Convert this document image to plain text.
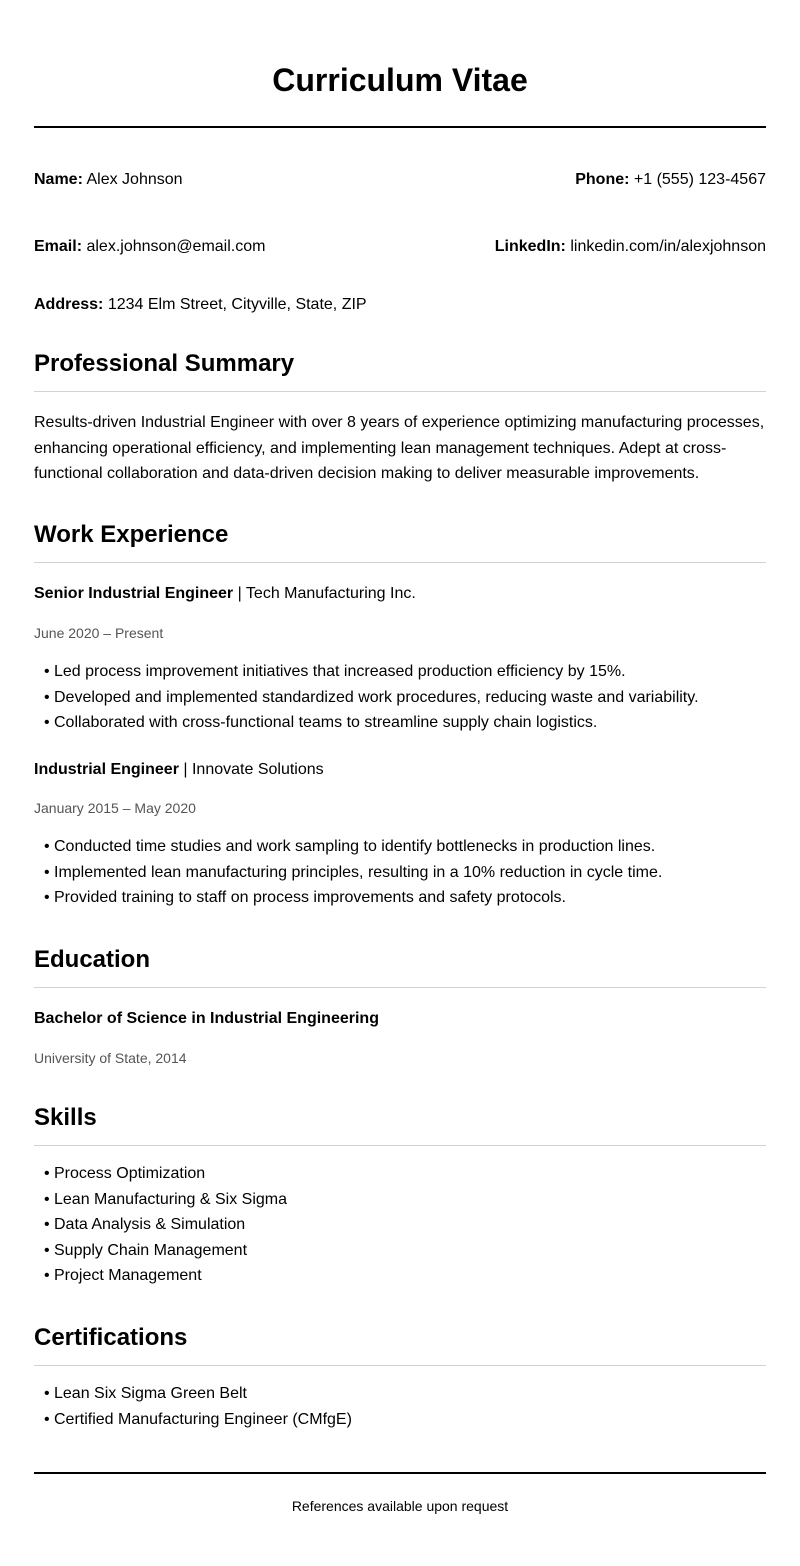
Curriculum Vitae
Name: Alex Johnson	Phone: +1 (555) 123-4567
Email: alex.johnson@email.com	LinkedIn: linkedin.com/in/alexjohnson
Address: 1234 Elm Street, Cityville, State, ZIP
Professional Summary
Results-driven Industrial Engineer with over 8 years of experience optimizing manufacturing processes, enhancing operational efficiency, and implementing lean management techniques. Adept at cross-functional collaboration and data-driven decision making to deliver measurable improvements.
Work Experience
Senior Industrial Engineer | Tech Manufacturing Inc.
June 2020 – Present
• Led process improvement initiatives that increased production efficiency by 15%.
• Developed and implemented standardized work procedures, reducing waste and variability.
• Collaborated with cross-functional teams to streamline supply chain logistics.
Industrial Engineer | Innovate Solutions
January 2015 – May 2020
• Conducted time studies and work sampling to identify bottlenecks in production lines.
• Implemented lean manufacturing principles, resulting in a 10% reduction in cycle time.
• Provided training to staff on process improvements and safety protocols.
Education
Bachelor of Science in Industrial Engineering
University of State, 2014
Skills
• Process Optimization
• Lean Manufacturing & Six Sigma
• Data Analysis & Simulation
• Supply Chain Management
• Project Management
Certifications
• Lean Six Sigma Green Belt
• Certified Manufacturing Engineer (CMfgE)
References available upon request
